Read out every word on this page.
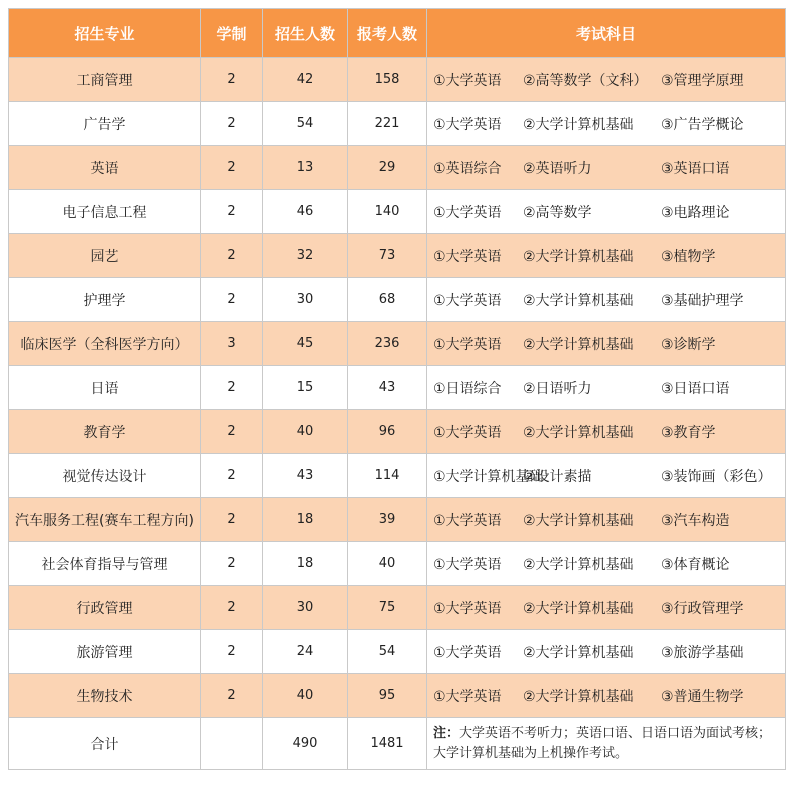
招生专业	学制	招生人数	报考人数	考试科目
工商管理	2	42	158	①大学英语 ②高等数学（文科） ③管理学原理
广告学	2	54	221	①大学英语 ②大学计算机基础 ③广告学概论
英语	2	13	29	①英语综合 ②英语听力 ③英语口语
电子信息工程	2	46	140	①大学英语 ②高等数学 ③电路理论
园艺	2	32	73	①大学英语 ②大学计算机基础 ③植物学
护理学	2	30	68	①大学英语 ②大学计算机基础 ③基础护理学
临床医学（全科医学方向）	3	45	236	①大学英语 ②大学计算机基础 ③诊断学
日语	2	15	43	①日语综合 ②日语听力 ③日语口语
教育学	2	40	96	①大学英语 ②大学计算机基础 ③教育学
视觉传达设计	2	43	114	①大学计算机基础②设计素描 ③装饰画（彩色）
汽车服务工程(赛车工程方向)	2	18	39	①大学英语 ②大学计算机基础 ③汽车构造
社会体育指导与管理	2	18	40	①大学英语 ②大学计算机基础 ③体育概论
行政管理	2	30	75	①大学英语 ②大学计算机基础 ③行政管理学
旅游管理	2	24	54	①大学英语 ②大学计算机基础 ③旅游学基础
生物技术	2	40	95	①大学英语 ②大学计算机基础 ③普通生物学
合计		490	1481	注：大学英语不考听力；英语口语、日语口语为面试考核；大学计算机基础为上机操作考试。
